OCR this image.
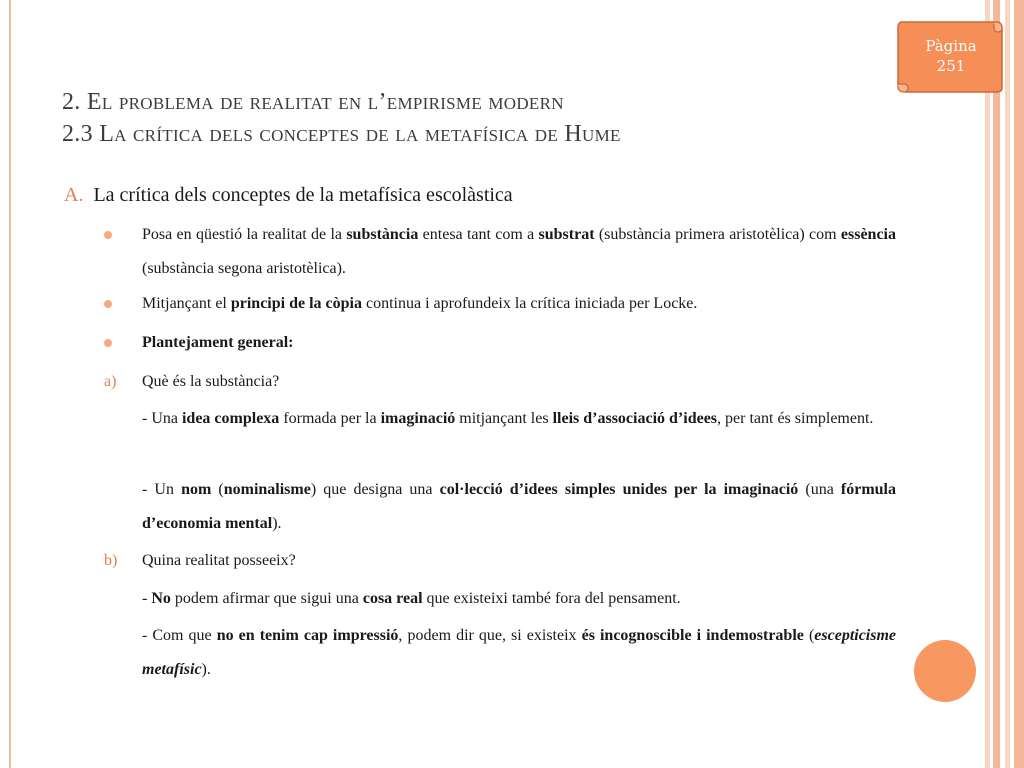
Pàgina
251
2. El problema de realitat en l’empirisme modern
2.3 La crítica dels conceptes de la metafísica de Hume
A. La crítica dels conceptes de la metafísica escolàstica
Posa en qüestió la realitat de la substància entesa tant com a substrat (substància primera aristotèlica) com essència (substància segona aristotèlica).
Mitjançant el principi de la còpia continua i aprofundeix la crítica iniciada per Locke.
Plantejament general:
a) Què és la substància?
- Una idea complexa formada per la imaginació mitjançant les lleis d’associació d’idees, per tant és simplement.
- Un nom (nominalisme) que designa una col·lecció d’idees simples unides per la imaginació (una fórmula d’economia mental).
b) Quina realitat posseeix?
- No podem afirmar que sigui una cosa real que existeixi també fora del pensament.
- Com que no en tenim cap impressió, podem dir que, si existeix és incognoscible i indemostrable (escepticisme metafísic).
